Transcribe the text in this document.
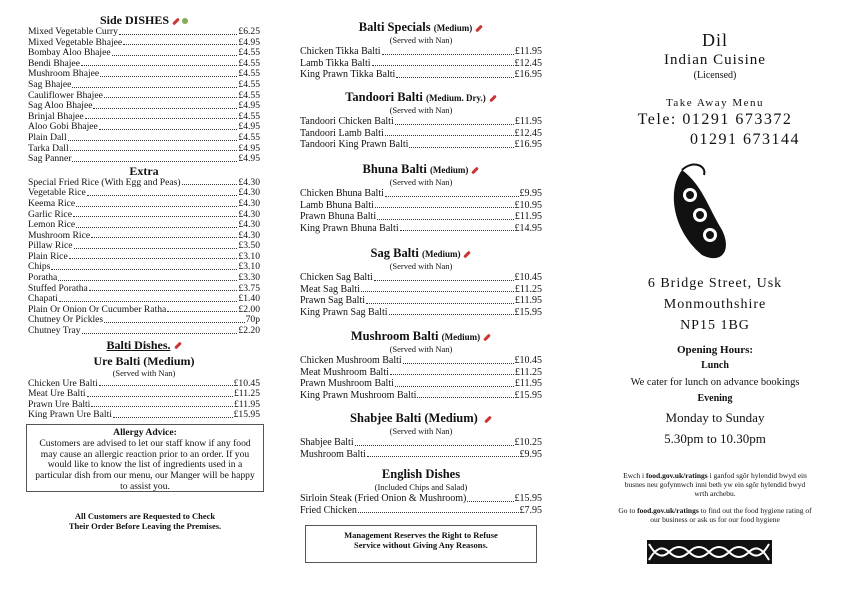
Side DISHES
Mixed Vegetable Curry	£6.25
Mixed Vegetable Bhajee	£4.95
Bombay Aloo Bhajee	£4.55
Bendi Bhajee	£4.55
Mushroom Bhajee	£4.55
Sag Bhajee	£4.55
Cauliflower Bhajee	£4.55
Sag Aloo Bhajee	£4.95
Brinjal Bhajee	£4.55
Aloo Gobi Bhajee	£4.95
Plain Dall	£4.55
Tarka Dall	£4.95
Sag Panner	£4.95
Extra
Special Fried Rice (With Egg and Peas)	£4.30
Vegetable Rice	£4.30
Keema Rice	£4.30
Garlic Rice	£4.30
Lemon Rice	£4.30
Mushroom Rice	£4.30
Pillaw Rice	£3.50
Plain Rice	£3.10
Chips	£3.10
Poratha	£3.30
Stuffed Poratha	£3.75
Chapati	£1.40
Plain Or Onion Or Cucumber Ratha	£2.00
Chutney Or Pickles	70p
Chutney Tray	£2.20
Balti Dishes.
Ure Balti (Medium)
(Served with Nan)
Chicken Ure Balti	£10.45
Meat Ure Balti	£11.25
Prawn Ure Balti	£11.95
King Prawn Ure Balti	£15.95
Allergy Advice:
Customers are advised to let our staff know if any food may cause an allergic reaction prior to an order. If you would like to know the list of ingredients used in a particular dish from our menu, our Manger will be happy to assist you.
All Customers are Requested to Check
Their Order Before Leaving the Premises.
Balti Specials (Medium)
(Served with Nan)
Chicken Tikka Balti	£11.95
Lamb Tikka Balti	£12.45
King Prawn Tikka Balti	£16.95
Tandoori Balti (Medium. Dry.)
(Served with Nan)
Tandoori Chicken Balti	£11.95
Tandoori Lamb Balti	£12.45
Tandoori King Prawn Balti	£16.95
Bhuna Balti (Medium)
(Served with Nan)
Chicken Bhuna Balti	£9.95
Lamb Bhuna Balti	£10.95
Prawn Bhuna Balti	£11.95
King Prawn Bhuna Balti	£14.95
Sag Balti (Medium)
(Served with Nan)
Chicken Sag Balti	£10.45
Meat Sag Balti	£11.25
Prawn Sag Balti	£11.95
King Prawn Sag Balti	£15.95
Mushroom Balti (Medium)
(Served with Nan)
Chicken Mushroom Balti	£10.45
Meat Mushroom Balti	£11.25
Prawn Mushroom Balti	£11.95
King Prawn Mushroom Balti	£15.95
Shabjee Balti (Medium)
(Served with Nan)
Shabjee Balti	£10.25
Mushroom Balti	£9.95
English Dishes
(Included Chips and Salad)
Sirloin Steak (Fried Onion & Mushroom)	£15.95
Fried Chicken	£7.95
Management Reserves the Right to Refuse
Service without Giving Any Reasons.
Dil
Indian Cuisine
(Licensed)
Take Away Menu
Tele: 01291 673372
01291 673144
6 Bridge Street, Usk
Monmouthshire
NP15 1BG
Opening Hours:
Lunch
We cater for lunch on advance bookings
Evening
Monday to Sunday
5.30pm to 10.30pm
Ewch i food.gov.uk/ratings i ganfod sgôr hylendid bwyd ein busnes neu gofynnwch inni beth yw ein sgôr hylendid bwyd wrth archebu.
Go to food.gov.uk/ratings to find out the food hygiene rating of our business or ask us for our food hygiene
